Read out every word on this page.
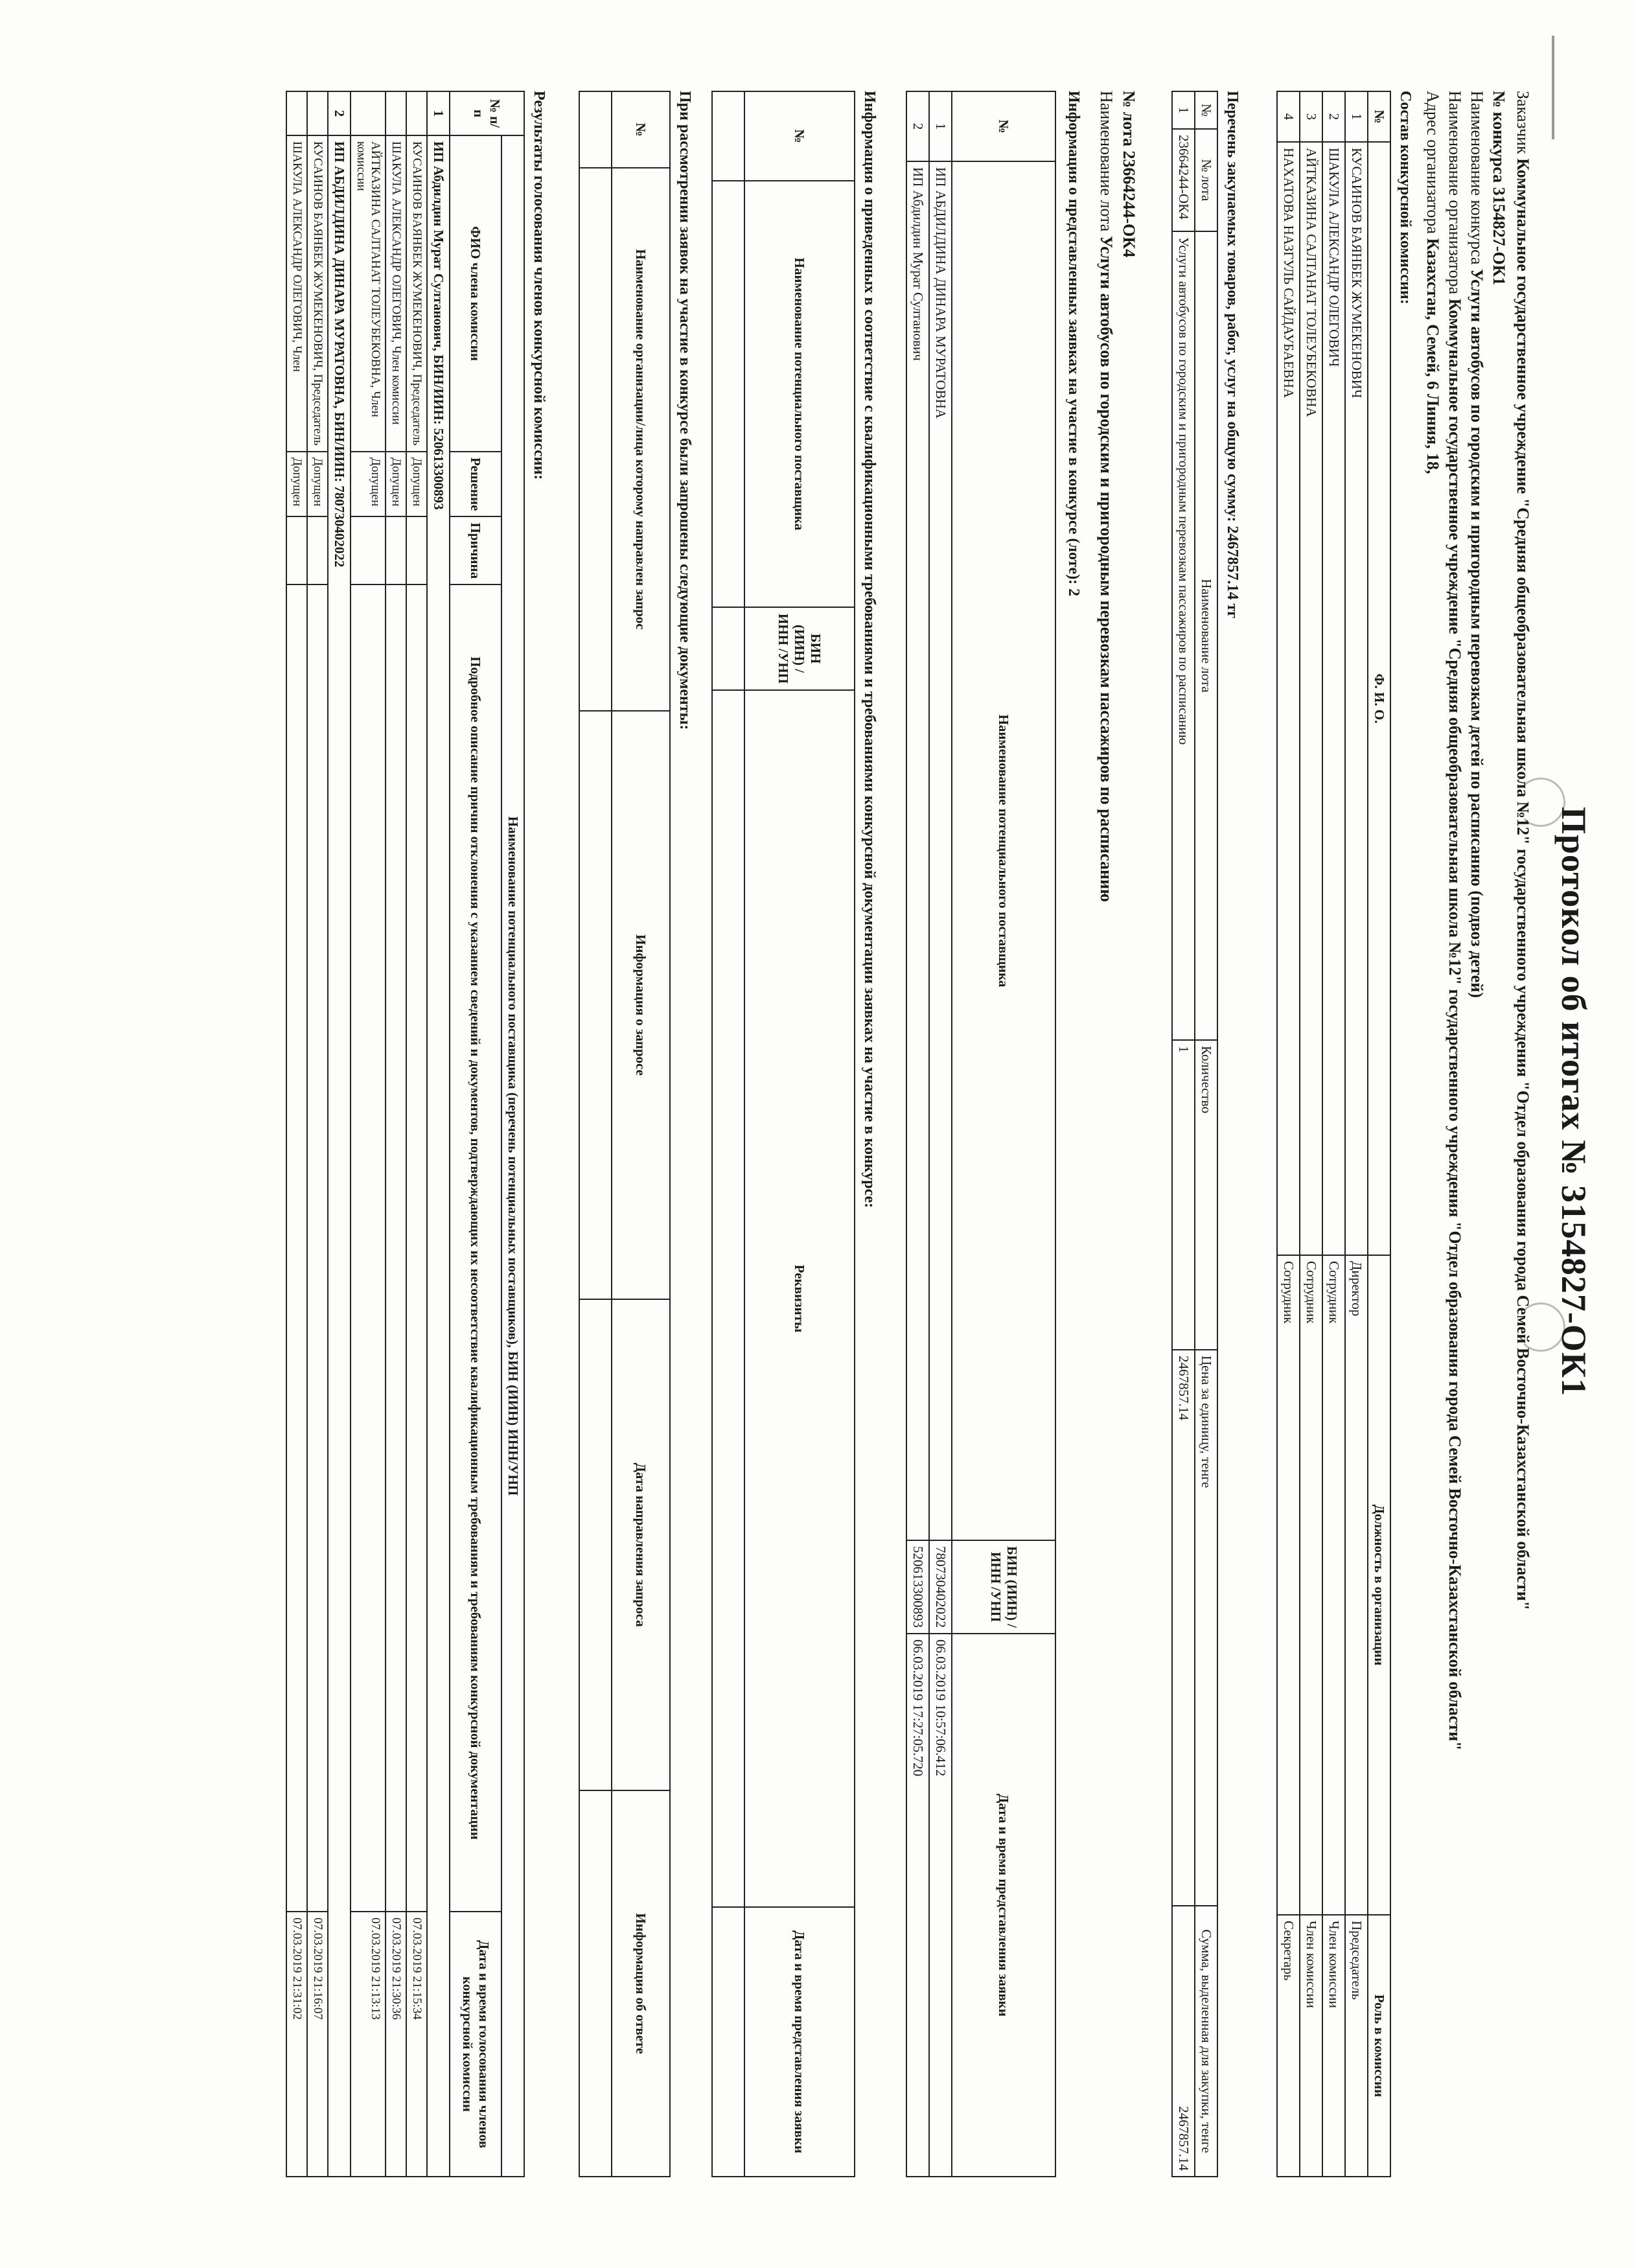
Протокол об итогах № 3154827-ОК1
Заказчик Коммунальное государственное учреждение "Средняя общеобразовательная школа №12" государственного учреждения "Отдел образования города Семей Восточно-Казахстанской области"
№ конкурса 3154827-ОК1
Наименование конкурса Услуги автобусов по городским и пригородным перевозкам детей по расписанию (подвоз детей)
Наименование организатора Коммунальное государственное учреждение "Средняя общеобразовательная школа №12" государственного учреждения "Отдел образования города Семей Восточно-Казахстанской области"
Адрес организатора Казахстан, Семей, 6 Линия, 18,
Состав конкурсной комиссии:
№	Ф. И. О.	Должность в организации	Роль в комиссии
1	КУСАИНОВ БАЯНБЕК ЖУМЕКЕНОВИЧ	Директор	Председатель
2	ШАКУЛА АЛЕКСАНДР ОЛЕГОВИЧ	Сотрудник	Член комиссии
3	АЙТКАЗИНА САЛТАНАТ ТОЛЕУБЕКОВНА	Сотрудник	Член комиссии
4	НАХАТОВА НАЗГУЛЬ САЙДАУБАЕВНА	Сотрудник	Секретарь
Перечень закупаемых товаров, работ, услуг на общую сумму: 2467857.14 тг
№	№ лота	Наименование лота	Количество	Цена за единицу, тенге	Сумма, выделенная для закупки, тенге
1	23664244-ОК4	Услуги автобусов по городским и пригородным перевозкам пассажиров по расписанию	1	2467857.14	2467857.14
№ лота 23664244-ОК4
Наименование лота Услуги автобусов по городским и пригородным перевозкам пассажиров по расписанию
Информация о представленных заявках на участие в конкурсе (лоте): 2
№	Наименование потенциального поставщика	БИН (ИИН) /ИНН /УНП	Дата и время представления заявки
1	ИП АБДИЛДИНА ДИНАРА МУРАТОВНА	780730402022	06.03.2019 10:57:06.412
2	ИП Абдилдин Мурат Султанович	520613300893	06.03.2019 17:27:05.720
Информация о приведенных в соответствие с квалификационными требованиями и требованиями конкурсной документации заявках на участие в конкурсе:
№	Наименование потенциального поставщика	БИН (ИИН) /ИНН /УНП	Реквизиты	Дата и время представления заявки

При рассмотрении заявок на участие в конкурсе были запрошены следующие документы:
№	Наименование организации/лица которому направлен запрос	Информация о запросе	Дата направления запроса	Информация об ответе

Результаты голосования членов конкурсной комиссии:
№ п/п	Наименование потенциального поставщика (перечень потенциальных поставщиков), БИН (ИИН) ИНН/УНП				
	ФИО члена комиссии	Решение	Причина	Подробное описание причин отклонения с указанием сведений и документов, подтверждающих их несоответствие квалификационным требованиям и требованиям конкурсной документации	Дата и время голосования членов конкурсной комиссии
1	ИП Абдилдин Мурат Султанович, БИН/ИИН: 520613300893				
	КУСАИНОВ БАЯНБЕК ЖУМЕКЕНОВИЧ, Председатель	Допущен			07.03.2019 21:15:34
	ШАКУЛА АЛЕКСАНДР ОЛЕГОВИЧ, Член комиссии	Допущен			07.03.2019 21:30:36
	АЙТКАЗИНА САЛТАНАТ ТОЛЕУБЕКОВНА, Член комиссии	Допущен			07.03.2019 21:13:13
2	ИП АБДИЛДИНА ДИНАРА МУРАТОВНА, БИН/ИИН: 780730402022				
	КУСАИНОВ БАЯНБЕК ЖУМЕКЕНОВИЧ, Председатель	Допущен			07.03.2019 21:16:07
	ШАКУЛА АЛЕКСАНДР ОЛЕГОВИЧ, Член	Допущен			07.03.2019 21:31:02
